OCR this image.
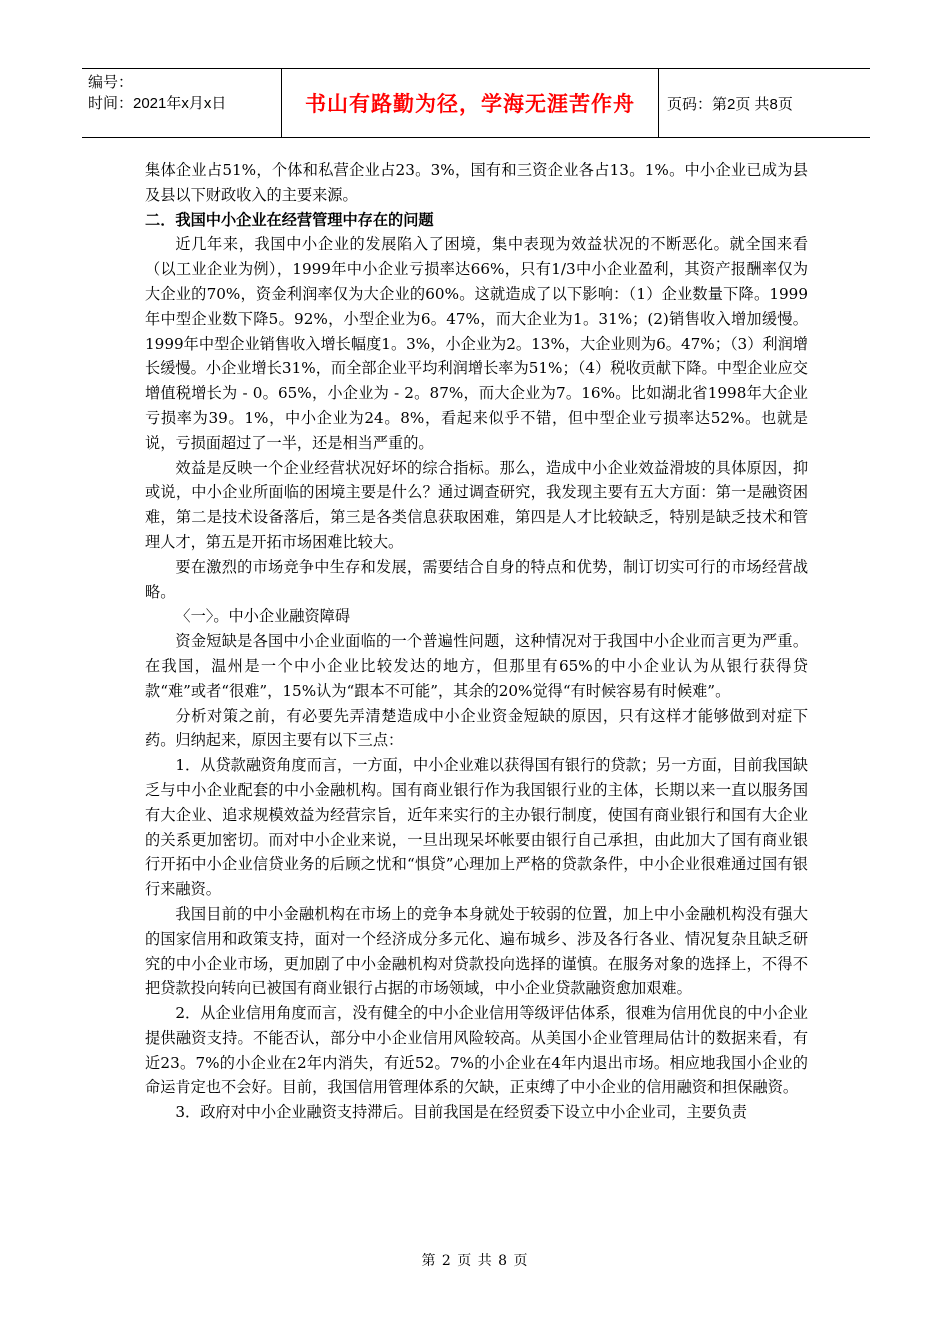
编号：
时间：2021年x月x日	书山有路勤为径，学海无涯苦作舟	页码：第2页 共8页

集体企业占51%，个体和私营企业占23。3%，国有和三资企业各占13。1%。中小企业已成为县及县以下财政收入的主要来源。

二．我国中小企业在经营管理中存在的问题

近几年来，我国中小企业的发展陷入了困境，集中表现为效益状况的不断恶化。就全国来看（以工业企业为例），1999年中小企业亏损率达66%，只有1/3中小企业盈利，其资产报酬率仅为大企业的70%，资金利润率仅为大企业的60%。这就造成了以下影响：（1）企业数量下降。1999年中型企业数下降5。92%，小型企业为6。47%，而大企业为1。31%；(2)销售收入增加缓慢。1999年中型企业销售收入增长幅度1。3%，小企业为2。13%，大企业则为6。47%；（3）利润增长缓慢。小企业增长31%，而全部企业平均利润增长率为51%；（4）税收贡献下降。中型企业应交增值税增长为 - 0。65%，小企业为 - 2。87%，而大企业为7。16%。比如湖北省1998年大企业亏损率为39。1%，中小企业为24。8%，看起来似乎不错，但中型企业亏损率达52%。也就是说，亏损面超过了一半，还是相当严重的。

效益是反映一个企业经营状况好坏的综合指标。那么，造成中小企业效益滑坡的具体原因，抑或说，中小企业所面临的困境主要是什么？通过调查研究，我发现主要有五大方面：第一是融资困难，第二是技术设备落后，第三是各类信息获取困难，第四是人才比较缺乏，特别是缺乏技术和管理人才，第五是开拓市场困难比较大。

要在激烈的市场竞争中生存和发展，需要结合自身的特点和优势，制订切实可行的市场经营战略。

〈一〉。中小企业融资障碍

资金短缺是各国中小企业面临的一个普遍性问题，这种情况对于我国中小企业而言更为严重。在我国，温州是一个中小企业比较发达的地方，但那里有65%的中小企业认为从银行获得贷款“难”或者“很难”，15%认为“跟本不可能”，其余的20%觉得“有时候容易有时候难”。

分析对策之前，有必要先弄清楚造成中小企业资金短缺的原因，只有这样才能够做到对症下药。归纳起来，原因主要有以下三点：

1．从贷款融资角度而言，一方面，中小企业难以获得国有银行的贷款；另一方面，目前我国缺乏与中小企业配套的中小金融机构。国有商业银行作为我国银行业的主体，长期以来一直以服务国有大企业、追求规模效益为经营宗旨，近年来实行的主办银行制度，使国有商业银行和国有大企业的关系更加密切。而对中小企业来说，一旦出现呆坏帐要由银行自己承担，由此加大了国有商业银行开拓中小企业信贷业务的后顾之忧和“惧贷”心理加上严格的贷款条件，中小企业很难通过国有银行来融资。

我国目前的中小金融机构在市场上的竞争本身就处于较弱的位置，加上中小金融机构没有强大的国家信用和政策支持，面对一个经济成分多元化、遍布城乡、涉及各行各业、情况复杂且缺乏研究的中小企业市场，更加剧了中小金融机构对贷款投向选择的谨慎。在服务对象的选择上，不得不把贷款投向转向已被国有商业银行占据的市场领域，中小企业贷款融资愈加艰难。

2．从企业信用角度而言，没有健全的中小企业信用等级评估体系，很难为信用优良的中小企业提供融资支持。不能否认，部分中小企业信用风险较高。从美国小企业管理局估计的数据来看，有近23。7%的小企业在2年内消失，有近52。7%的小企业在4年内退出市场。相应地我国小企业的命运肯定也不会好。目前，我国信用管理体系的欠缺，正束缚了中小企业的信用融资和担保融资。

3．政府对中小企业融资支持滞后。目前我国是在经贸委下设立中小企业司，主要负责

第 2 页 共 8 页
